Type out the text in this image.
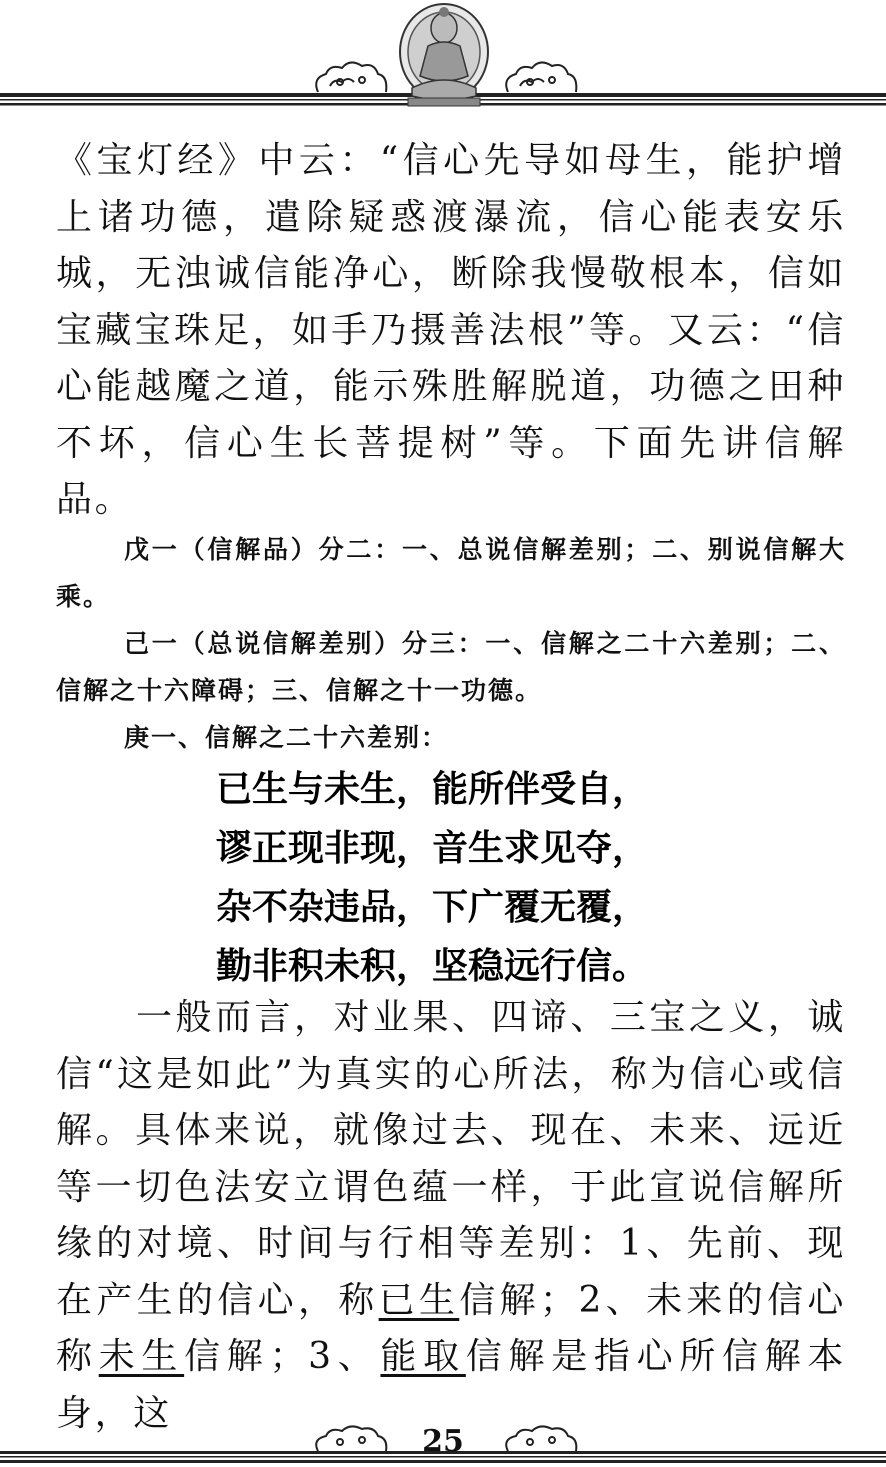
《宝灯经》中云：“信心先导如母生，能护增上诸功德，遣除疑惑渡瀑流，信心能表安乐城，无浊诚信能净心，断除我慢敬根本，信如宝藏宝珠足，如手乃摄善法根”等。又云：“信心能越魔之道，能示殊胜解脱道，功德之田种不坏，信心生长菩提树”等。下面先讲信解品。

戊一（信解品）分二：一、总说信解差别；二、别说信解大乘。

己一（总说信解差别）分三：一、信解之二十六差别；二、信解之十六障碍；三、信解之十一功德。

庚一、信解之二十六差别：

已生与未生，能所伴受自，
谬正现非现，音生求见夺，
杂不杂违品，下广覆无覆，
勤非积未积，坚稳远行信。

一般而言，对业果、四谛、三宝之义，诚信“这是如此”为真实的心所法，称为信心或信解。具体来说，就像过去、现在、未来、远近等一切色法安立谓色蕴一样，于此宣说信解所缘的对境、时间与行相等差别：1、先前、现在产生的信心，称已生信解；2、未来的信心称未生信解；3、能取信解是指心所信解本身，这

25
